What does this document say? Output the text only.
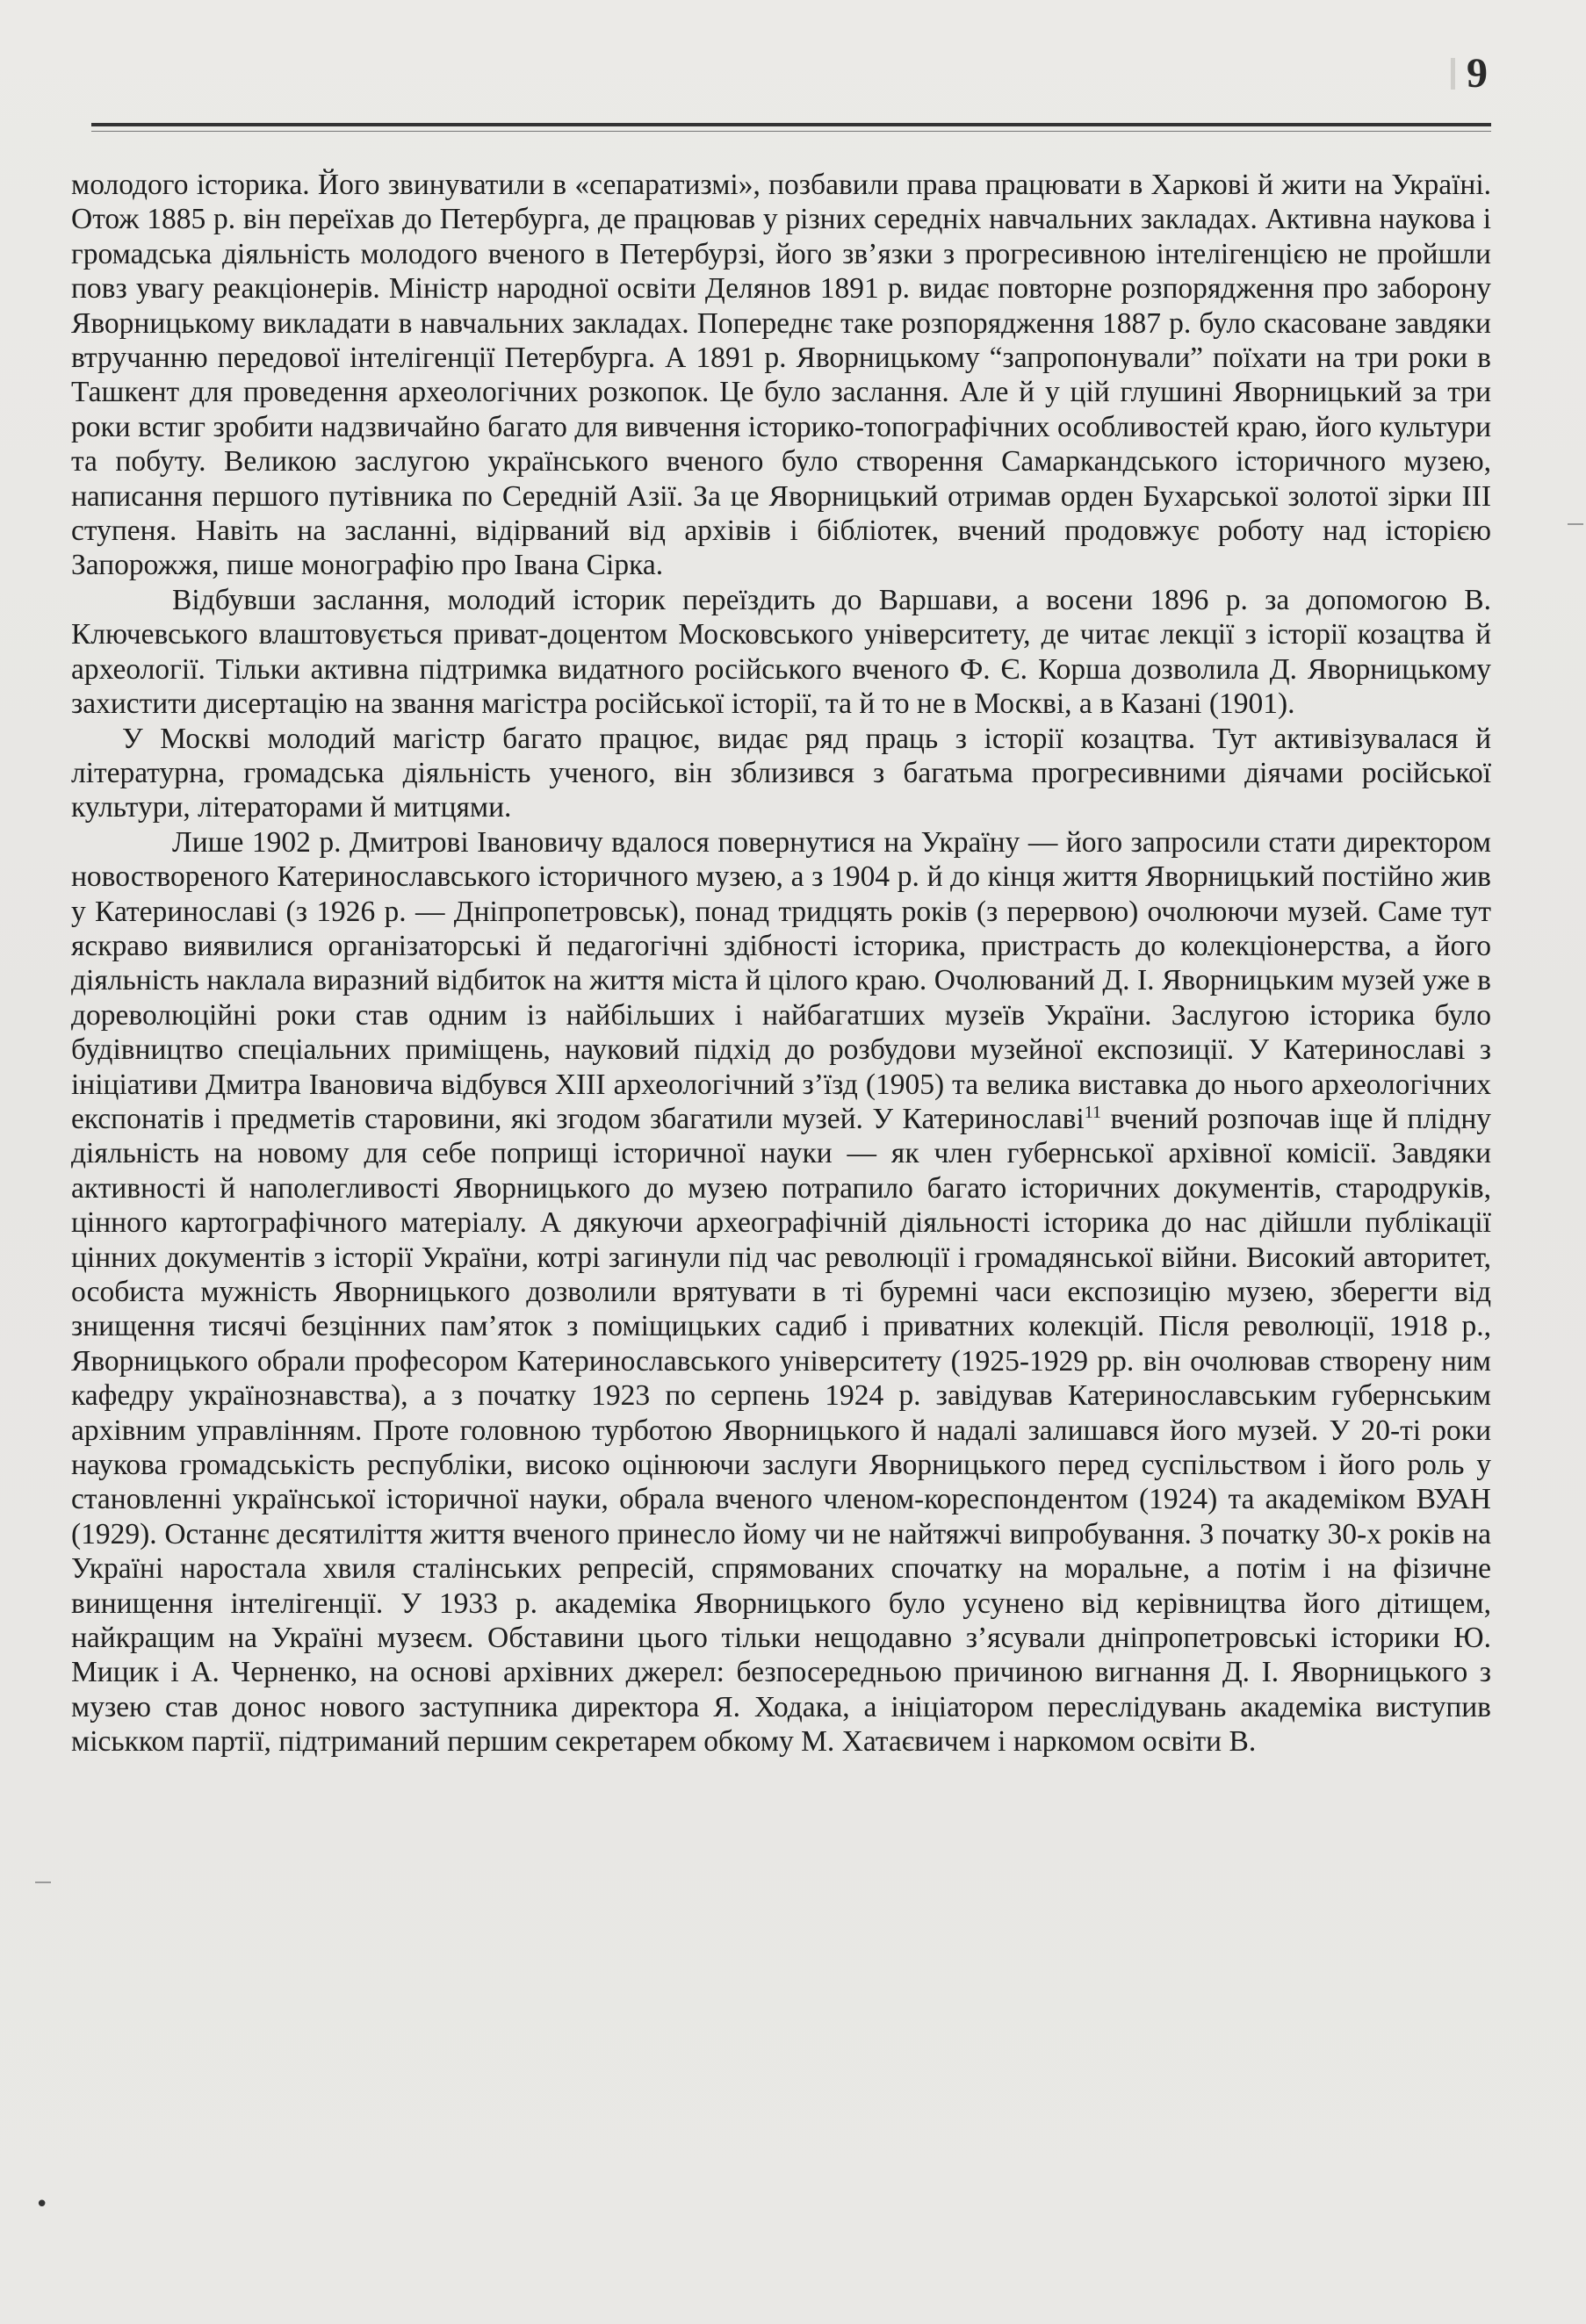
9

молодого історика. Його звинуватили в «сепаратизмі», позбавили права працювати в Харкові й жити на Україні. Отож 1885 р. він переїхав до Петербурга, де працював у різних середніх навчальних закладах. Активна наукова і громадська діяльність молодого вченого в Петербурзі, його зв’язки з прогресивною інтелігенцією не пройшли повз увагу реакціонерів. Міністр народної освіти Делянов 1891 р. видає повторне розпорядження про заборону Яворницькому викладати в навчальних закладах. Попереднє таке розпорядження 1887 р. було скасоване завдяки втручанню передової інтелігенції Петербурга. А 1891 р. Яворницькому “запропонували” поїхати на три роки в Ташкент для проведення археологічних розкопок. Це було заслання. Але й у цій глушині Яворницький за три роки встиг зробити надзвичайно багато для вивчення історико-топографічних особливостей краю, його культури та побуту. Великою заслугою українського вченого було створення Самаркандського історичного музею, написання першого путівника по Середній Азії. За це Яворницький отримав орден Бухарської золотої зірки III ступеня. Навіть на засланні, відірваний від архівів і бібліотек, вчений продовжує роботу над історією Запорожжя, пише монографію про Івана Сірка.

Відбувши заслання, молодий історик переїздить до Варшави, а восени 1896 р. за допомогою В. Ключевського влаштовується приват-доцентом Московського університету, де читає лекції з історії козацтва й археології. Тільки активна підтримка видатного російського вченого Ф. Є. Корша дозволила Д. Яворницькому захистити дисертацію на звання магістра російської історії, та й то не в Москві, а в Казані (1901).

У Москві молодий магістр багато працює, видає ряд праць з історії козацтва. Тут активізувалася й літературна, громадська діяльність ученого, він зблизився з багатьма прогресивними діячами російської культури, літераторами й митцями.

Лише 1902 р. Дмитрові Івановичу вдалося повернутися на Україну — його запросили стати директором новоствореного Катеринославського історичного музею, а з 1904 р. й до кінця життя Яворницький постійно жив у Катеринославі (з 1926 р. — Дніпропетровськ), понад тридцять років (з перервою) очолюючи музей. Саме тут яскраво виявилися організаторські й педагогічні здібності історика, пристрасть до колекціонерства, а його діяльність наклала виразний відбиток на життя міста й цілого краю. Очолюваний Д. І. Яворницьким музей уже в дореволюційні роки став одним із найбільших і найбагатших музеїв України. Заслугою історика було будівництво спеціальних приміщень, науковий підхід до розбудови музейної експозиції. У Катеринославі з ініціативи Дмитра Івановича відбувся XIII археологічний з’їзд (1905) та велика виставка до нього археологічних експонатів і предметів старовини, які згодом збагатили музей. У Катеринославі$^{11}$ вчений розпочав іще й плідну діяльність на новому для себе поприщі історичної науки — як член губернської архівної комісії. Завдяки активності й наполегливості Яворницького до музею потрапило багато історичних документів, стародруків, цінного картографічного матеріалу. А дякуючи археографічній діяльності історика до нас дійшли публікації цінних документів з історії України, котрі загинули під час революції і громадянської війни. Високий авторитет, особиста мужність Яворницького дозволили врятувати в ті буремні часи експозицію музею, зберегти від знищення тисячі безцінних пам’яток з поміщицьких садиб і приватних колекцій. Після революції, 1918 р., Яворницького обрали професором Катеринославського університету (1925-1929 рр. він очолював створену ним кафедру українознавства), а з початку 1923 по серпень 1924 р. завідував Катеринославським губернським архівним управлінням. Проте головною турботою Яворницького й надалі залишався його музей. У 20-ті роки наукова громадськість республіки, високо оцінюючи заслуги Яворницького перед суспільством і його роль у становленні української історичної науки, обрала вченого членом-кореспондентом (1924) та академіком ВУАН (1929). Останнє десятиліття життя вченого принесло йому чи не найтяжчі випробування. З початку 30-х років на Україні наростала хвиля сталінських репресій, спрямованих спочатку на моральне, а потім і на фізичне винищення інтелігенції. У 1933 р. академіка Яворницького було усунено від керівництва його дітищем, найкращим на Україні музеєм. Обставини цього тільки нещодавно з’ясували дніпропетровські історики Ю. Мицик і А. Черненко, на основі архівних джерел: безпосередньою причиною вигнання Д. І. Яворницького з музею став донос нового заступника директора Я. Ходака, а ініціатором переслідувань академіка виступив міськком партії, підтриманий першим секретарем обкому М. Хатаєвичем і наркомом освіти В.

•
